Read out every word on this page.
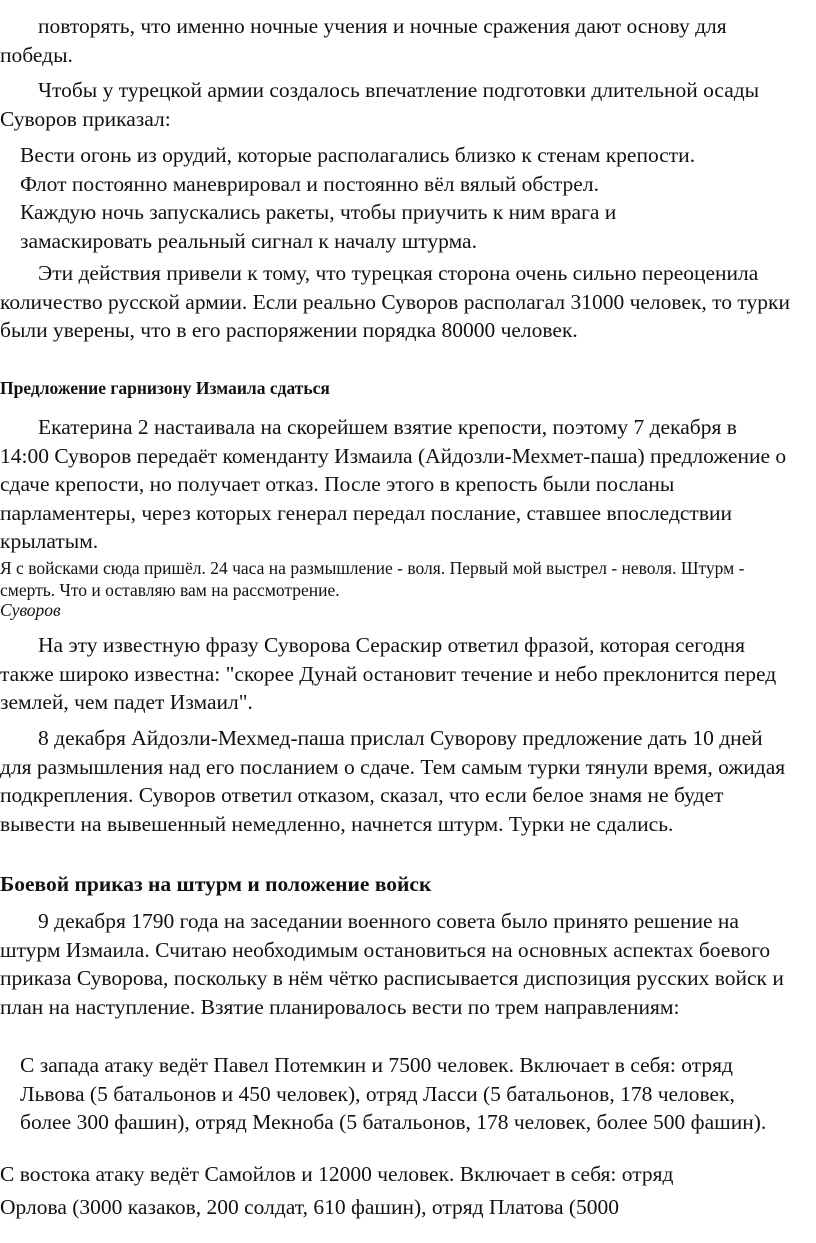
повторять, что именно ночные учения и ночные сражения дают основу для победы.

Чтобы у турецкой армии создалось впечатление подготовки длительной осады Суворов приказал:

Вести огонь из орудий, которые располагались близко к стенам крепости.
Флот постоянно маневрировал и постоянно вёл вялый обстрел.
Каждую ночь запускались ракеты, чтобы приучить к ним врага и замаскировать реальный сигнал к началу штурма.

Эти действия привели к тому, что турецкая сторона очень сильно переоценила количество русской армии. Если реально Суворов располагал 31000 человек, то турки были уверены, что в его распоряжении порядка 80000 человек.

Предложение гарнизону Измаила сдаться

Екатерина 2 настаивала на скорейшем взятие крепости, поэтому 7 декабря в 14:00 Суворов передаёт коменданту Измаила (Айдозли-Мехмет-паша) предложение о сдаче крепости, но получает отказ. После этого в крепость были посланы парламентеры, через которых генерал передал послание, ставшее впоследствии крылатым.

Я с войсками сюда пришёл. 24 часа на размышление - воля. Первый мой выстрел - неволя. Штурм - смерть. Что и оставляю вам на рассмотрение.

Суворов

На эту известную фразу Суворова Сераскир ответил фразой, которая сегодня также широко известна: "скорее Дунай остановит течение и небо преклонится перед землей, чем падет Измаил".

8 декабря Айдозли-Мехмед-паша прислал Суворову предложение дать 10 дней для размышления над его посланием о сдаче. Тем самым турки тянули время, ожидая подкрепления. Суворов ответил отказом, сказал, что если белое знамя не будет вывести на вывешенный немедленно, начнется штурм. Турки не сдались.

Боевой приказ на штурм и положение войск

9 декабря 1790 года на заседании военного совета было принято решение на штурм Измаила. Считаю необходимым остановиться на основных аспектах боевого приказа Суворова, поскольку в нём чётко расписывается диспозиция русских войск и план на наступление. Взятие планировалось вести по трем направлениям:

С запада атаку ведёт Павел Потемкин и 7500 человек. Включает в себя: отряд Львова (5 батальонов и 450 человек), отряд Ласси (5 батальонов, 178 человек, более 300 фашин), отряд Мекноба (5 батальонов, 178 человек, более 500 фашин).

С востока атаку ведёт Самойлов и 12000 человек. Включает в себя: отряд

Орлова (3000 казаков, 200 солдат, 610 фашин), отряд Платова (5000
